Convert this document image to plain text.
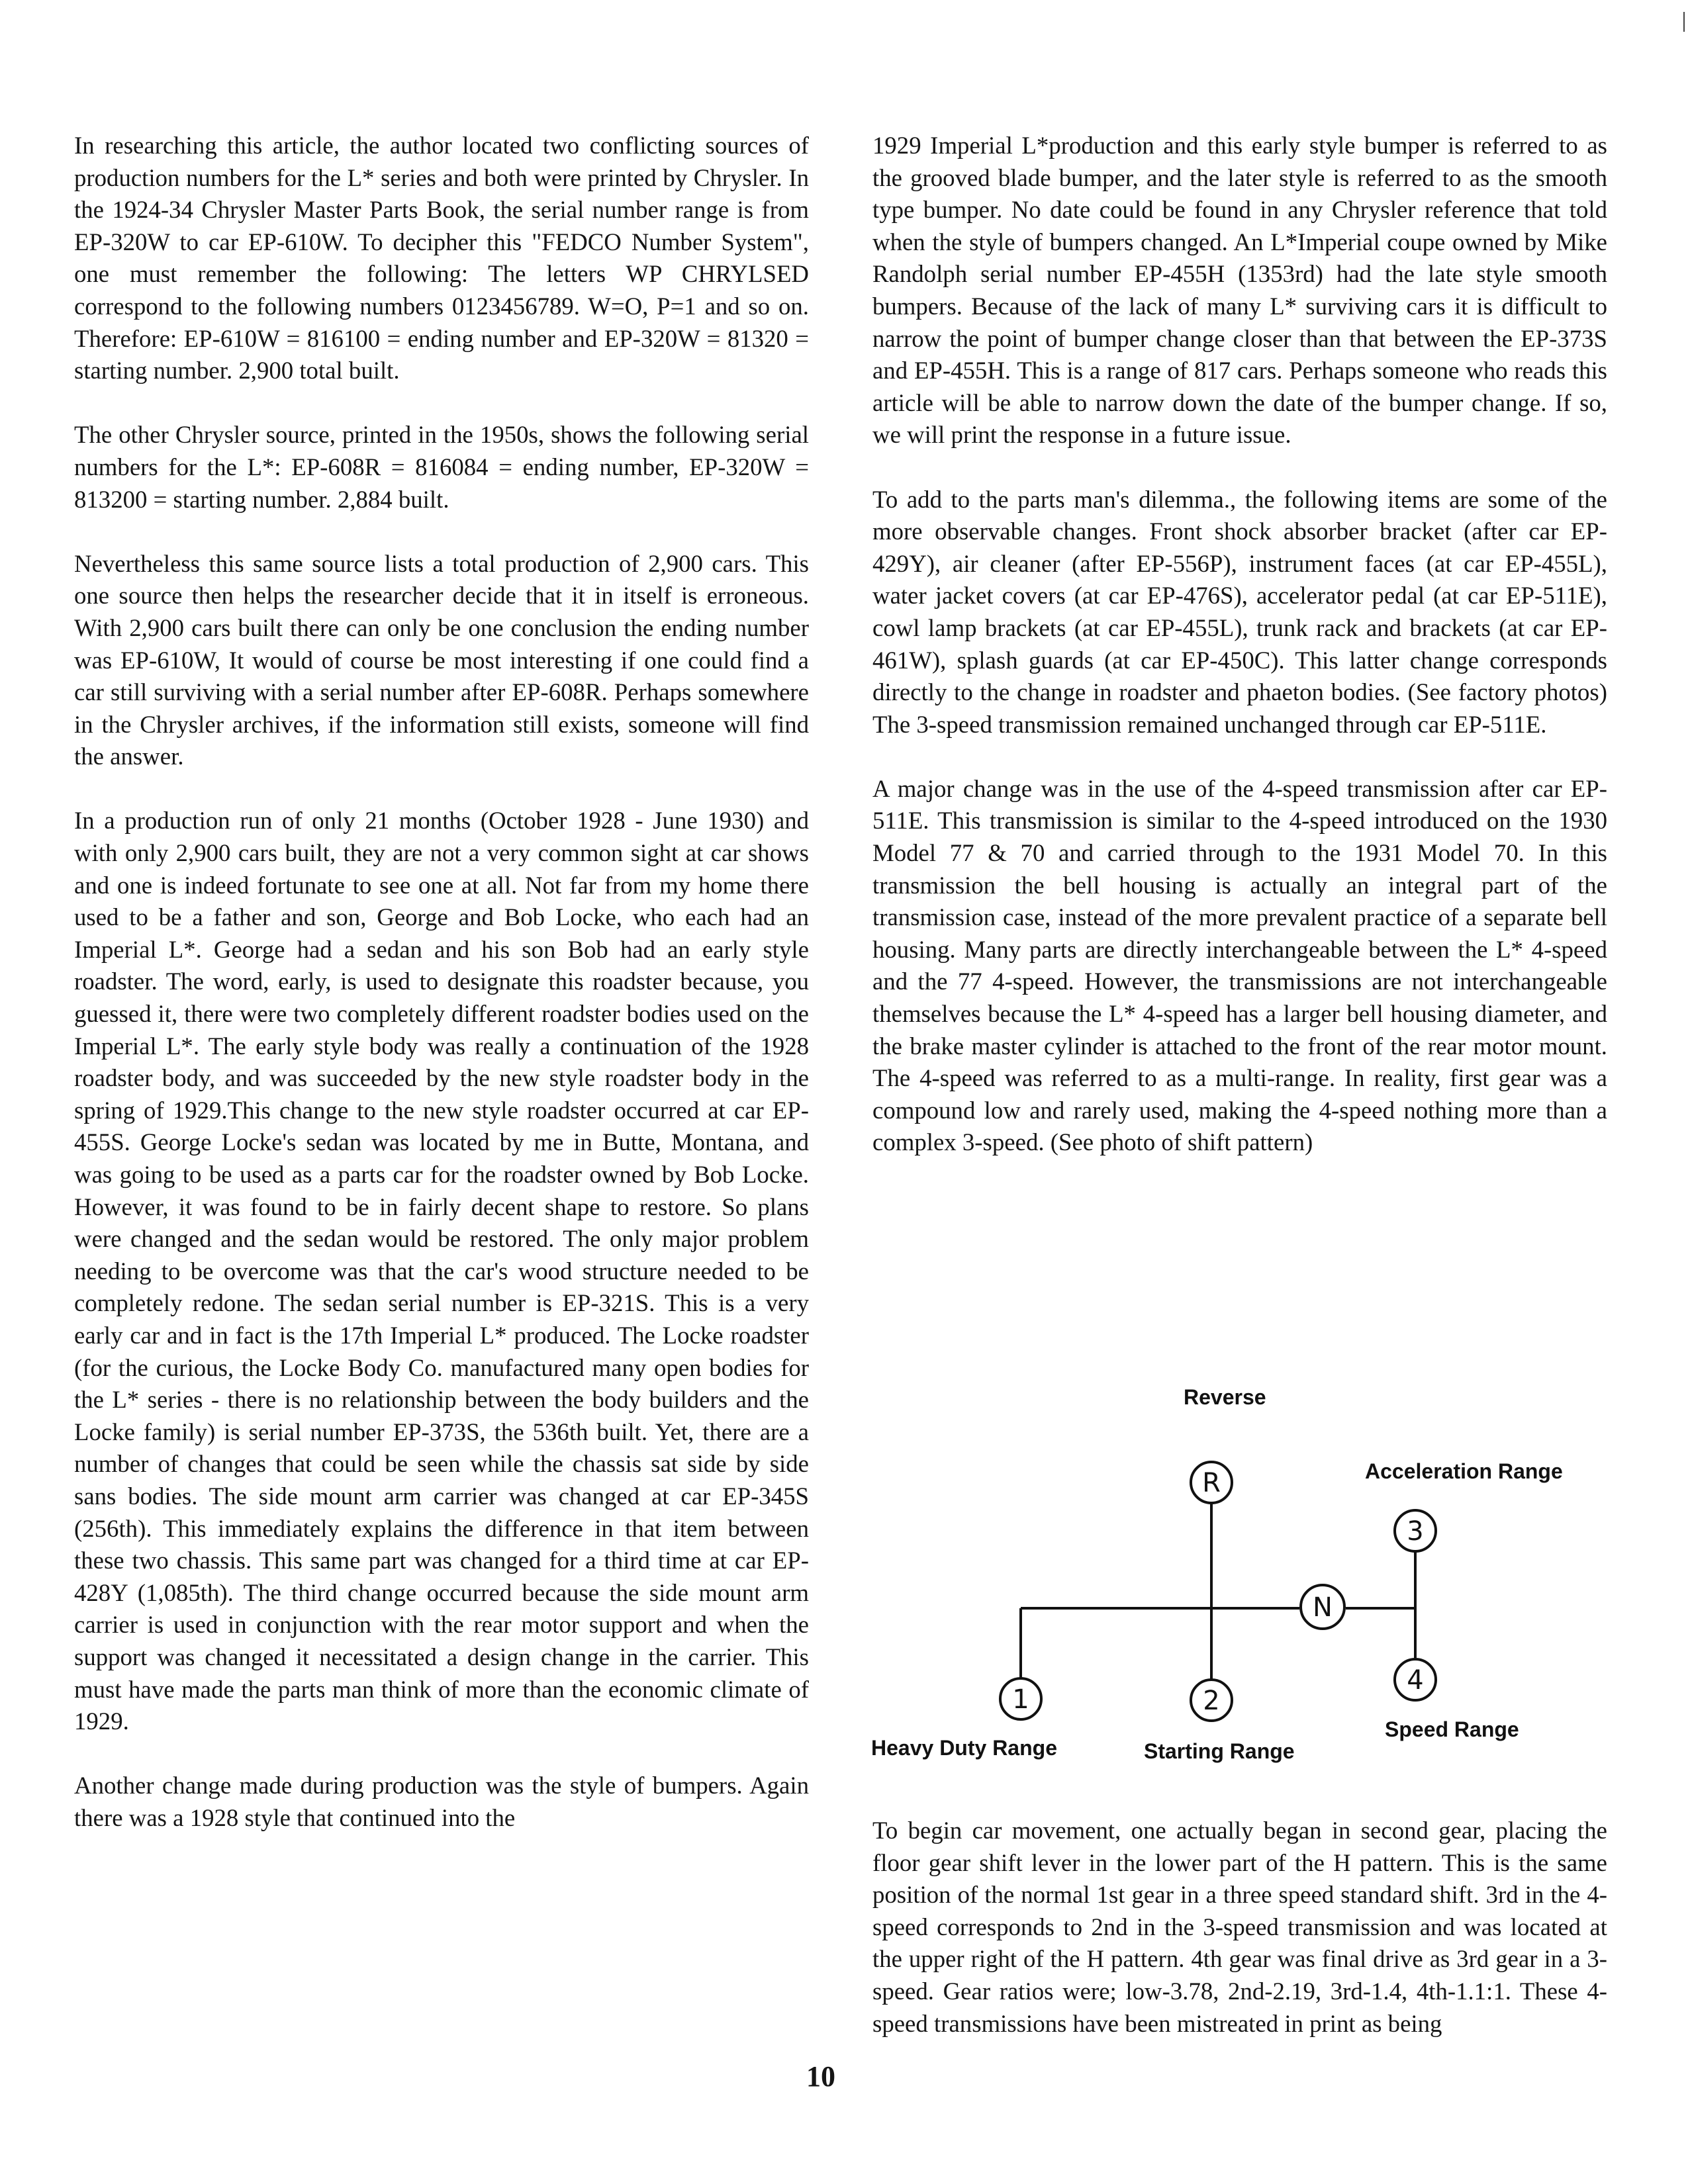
In researching this article, the author located two conflicting sources of production numbers for the L* series and both were printed by Chrysler. In the 1924-34 Chrysler Master Parts Book, the serial number range is from EP-320W to car EP-610W. To decipher this "FEDCO Number System", one must remember the following: The letters WP CHRYLSED correspond to the following numbers 0123456789. W=O, P=1 and so on. Therefore: EP-610W = 816100 = ending number and EP-320W = 81320 = starting number. 2,900 total built.

The other Chrysler source, printed in the 1950s, shows the following serial numbers for the L*: EP-608R = 816084 = ending number, EP-320W = 813200 = starting number. 2,884 built.

Nevertheless this same source lists a total production of 2,900 cars. This one source then helps the researcher decide that it in itself is erroneous. With 2,900 cars built there can only be one conclusion the ending number was EP-610W, It would of course be most interesting if one could find a car still surviving with a serial number after EP-608R. Perhaps somewhere in the Chrysler archives, if the information still exists, someone will find the answer.

In a production run of only 21 months (October 1928 - June 1930) and with only 2,900 cars built, they are not a very common sight at car shows and one is indeed fortunate to see one at all. Not far from my home there used to be a father and son, George and Bob Locke, who each had an Imperial L*. George had a sedan and his son Bob had an early style roadster. The word, early, is used to designate this roadster because, you guessed it, there were two completely different roadster bodies used on the Imperial L*. The early style body was really a continuation of the 1928 roadster body, and was succeeded by the new style roadster body in the spring of 1929.This change to the new style roadster occurred at car EP-455S. George Locke's sedan was located by me in Butte, Montana, and was going to be used as a parts car for the roadster owned by Bob Locke. However, it was found to be in fairly decent shape to restore. So plans were changed and the sedan would be restored. The only major problem needing to be overcome was that the car's wood structure needed to be completely redone. The sedan serial number is EP-321S. This is a very early car and in fact is the 17th Imperial L* produced. The Locke roadster (for the curious, the Locke Body Co. manufactured many open bodies for the L* series - there is no relationship between the body builders and the Locke family) is serial number EP-373S, the 536th built. Yet, there are a number of changes that could be seen while the chassis sat side by side sans bodies. The side mount arm carrier was changed at car EP-345S (256th). This immediately explains the difference in that item between these two chassis. This same part was changed for a third time at car EP-428Y (1,085th). The third change occurred because the side mount arm carrier is used in conjunction with the rear motor support and when the support was changed it necessitated a design change in the carrier. This must have made the parts man think of more than the economic climate of 1929.

Another change made during production was the style of bumpers. Again there was a 1928 style that continued into the

1929 Imperial L*production and this early style bumper is referred to as the grooved blade bumper, and the later style is referred to as the smooth type bumper. No date could be found in any Chrysler reference that told when the style of bumpers changed. An L*Imperial coupe owned by Mike Randolph serial number EP-455H (1353rd) had the late style smooth bumpers. Because of the lack of many L* surviving cars it is difficult to narrow the point of bumper change closer than that between the EP-373S and EP-455H. This is a range of 817 cars. Perhaps someone who reads this article will be able to narrow down the date of the bumper change. If so, we will print the response in a future issue.

To add to the parts man's dilemma., the following items are some of the more observable changes. Front shock absorber bracket (after car EP-429Y), air cleaner (after EP-556P), instrument faces (at car EP-455L), water jacket covers (at car EP-476S), accelerator pedal (at car EP-511E), cowl lamp brackets (at car EP-455L), trunk rack and brackets (at car EP-461W), splash guards (at car EP-450C). This latter change corresponds directly to the change in roadster and phaeton bodies. (See factory photos) The 3-speed transmission remained unchanged through car EP-511E.

A major change was in the use of the 4-speed transmission after car EP-511E. This transmission is similar to the 4-speed introduced on the 1930 Model 77 & 70 and carried through to the 1931 Model 70. In this transmission the bell housing is actually an integral part of the transmission case, instead of the more prevalent practice of a separate bell housing. Many parts are directly interchangeable between the L* 4-speed and the 77 4-speed. However, the transmissions are not interchangeable themselves because the L* 4-speed has a larger bell housing diameter, and the brake master cylinder is attached to the front of the rear motor mount. The 4-speed was referred to as a multi-range. In reality, first gear was a compound low and rarely used, making the 4-speed nothing more than a complex 3-speed. (See photo of shift pattern)

R
3
N
4
1	2
Reverse
Acceleration Range
Heavy Duty Range	Starting Range
Speed Range

To begin car movement, one actually began in second gear, placing the floor gear shift lever in the lower part of the H pattern. This is the same position of the normal 1st gear in a three speed standard shift. 3rd in the 4-speed corresponds to 2nd in the 3-speed transmission and was located at the upper right of the H pattern. 4th gear was final drive as 3rd gear in a 3-speed. Gear ratios were; low-3.78, 2nd-2.19, 3rd-1.4, 4th-1.1:1. These 4-speed transmissions have been mistreated in print as being

10
